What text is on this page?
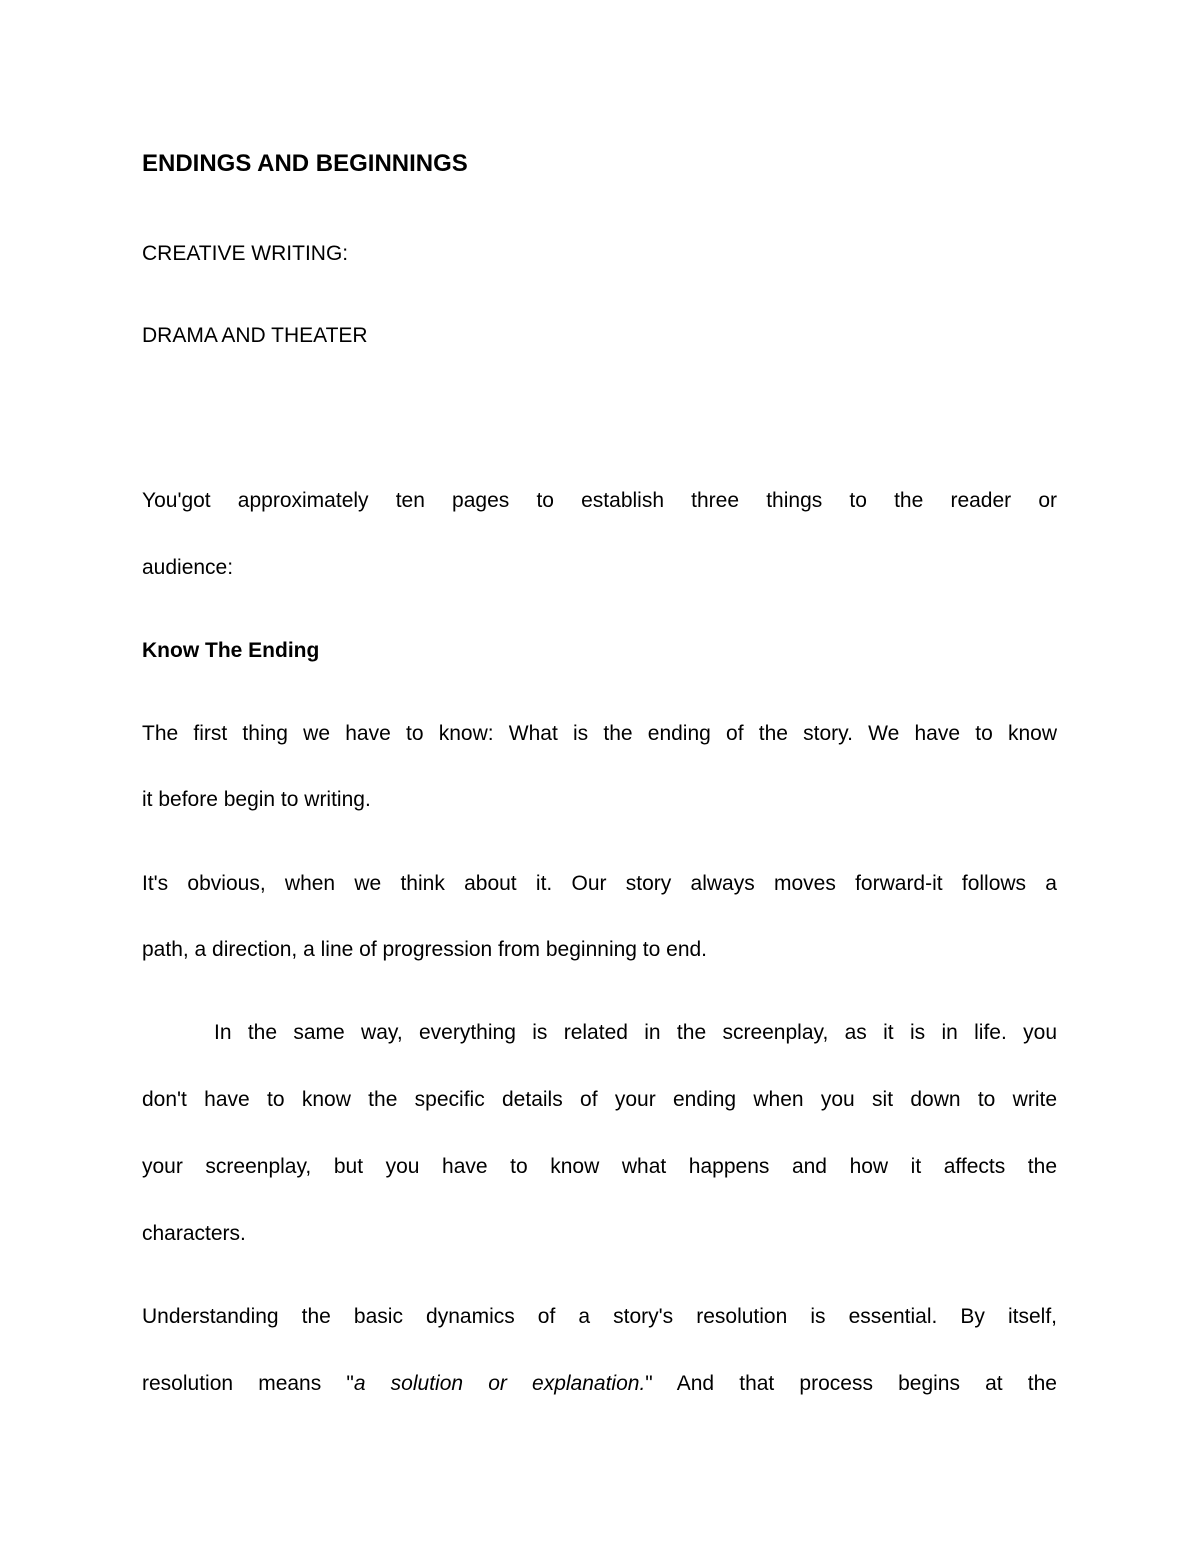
ENDINGS AND BEGINNINGS
CREATIVE WRITING:
DRAMA AND THEATER
You'got approximately ten pages to establish three things to the reader or
audience:
Know The Ending
The first thing we have to know: What is the ending of the story. We have to know
it before begin to writing.
It's obvious, when we think about it. Our story always moves forward-it follows a
path, a direction, a line of progression from beginning to end.
In the same way, everything is related in the screenplay, as it is in life. you
don't have to know the specific details of your ending when you sit down to write
your screenplay, but you have to know what happens and how it affects the
characters.
Understanding the basic dynamics of a story's resolution is essential. By itself,
resolution means "a solution or explanation." And that process begins at the
